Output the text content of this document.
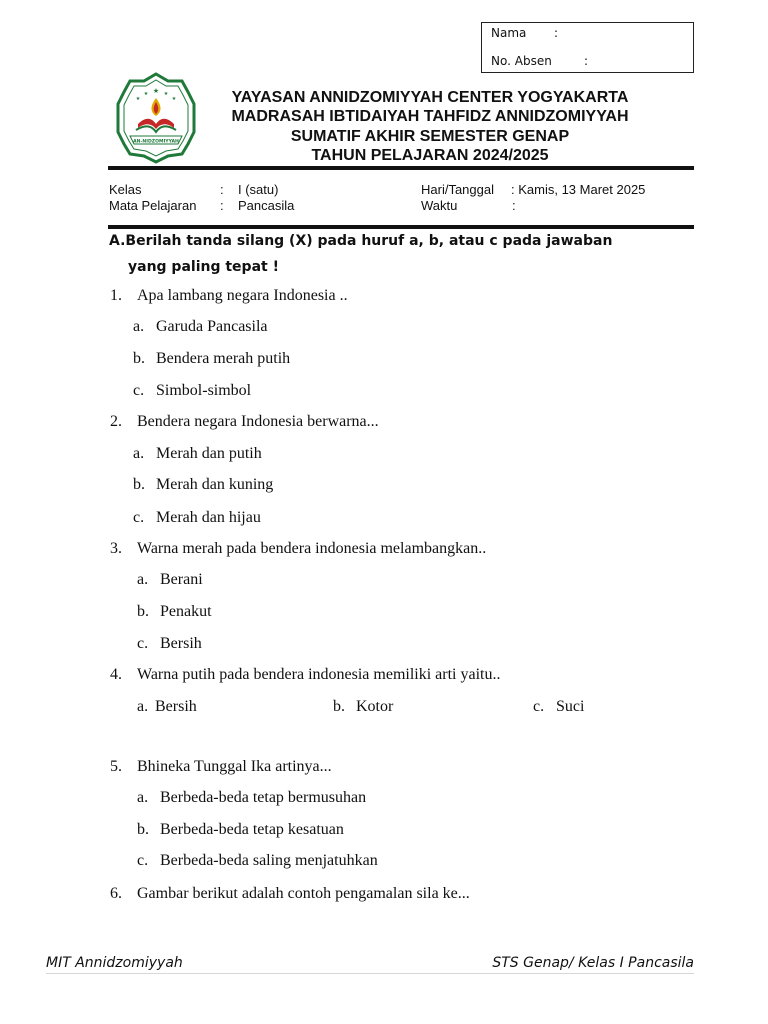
Nama :
No. Absen	:
★
★	★
★	★
AN-NIDZOMIYYAH
YAYASAN ANNIDZOMIYYAH CENTER YOGYAKARTA
MADRASAH IBTIDAIYAH TAHFIDZ ANNIDZOMIYYAH
SUMATIF AKHIR SEMESTER GENAP
TAHUN PELAJARAN 2024/2025
Kelas	: I (satu)	Hari/Tanggal : Kamis, 13 Maret 2025
Mata Pelajaran : Pancasila	Waktu	:
A.Berilah tanda silang (X) pada huruf a, b, atau c pada jawaban
yang paling tepat !
1. Apa lambang negara Indonesia ..
a. Garuda Pancasila
b. Bendera merah putih
c. Simbol-simbol
2. Bendera negara Indonesia berwarna...
a. Merah dan putih
b. Merah dan kuning
c. Merah dan hijau
3. Warna merah pada bendera indonesia melambangkan..
a. Berani
b. Penakut
c. Bersih
4. Warna putih pada bendera indonesia memiliki arti yaitu..
a. Bersih	b. Kotor	c. Suci
5. Bhineka Tunggal Ika artinya...
a. Berbeda-beda tetap bermusuhan
b. Berbeda-beda tetap kesatuan
c. Berbeda-beda saling menjatuhkan
6. Gambar berikut adalah contoh pengamalan sila ke...
MIT Annidzomiyyah	STS Genap/ Kelas I Pancasila
